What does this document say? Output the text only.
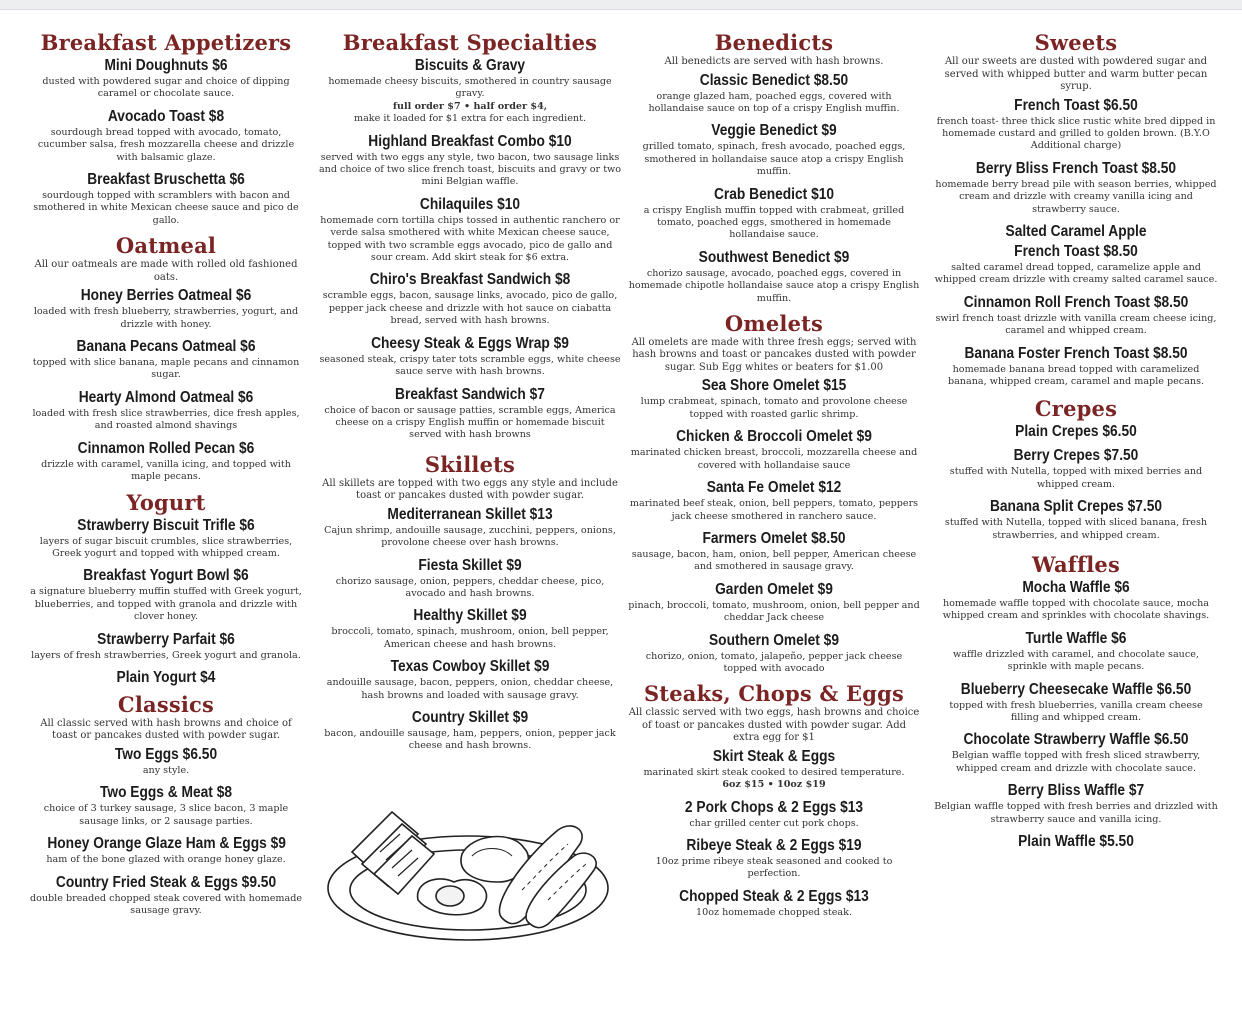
Breakfast Appetizers
Mini Doughnuts $6

dusted with powdered sugar and choice of dipping caramel or chocolate sauce.

Avocado Toast $8

sourdough bread topped with avocado, tomato, cucumber salsa, fresh mozzarella cheese and drizzle with balsamic glaze.

Breakfast Bruschetta $6

sourdough topped with scramblers with bacon and smothered in white Mexican cheese sauce and pico de gallo.

Oatmeal

All our oatmeals are made with rolled old fashioned oats.

Honey Berries Oatmeal $6

loaded with fresh blueberry, strawberries, yogurt, and drizzle with honey.

Banana Pecans Oatmeal $6

topped with slice banana, maple pecans and cinnamon sugar.

Hearty Almond Oatmeal $6

loaded with fresh slice strawberries, dice fresh apples, and roasted almond shavings

Cinnamon Rolled Pecan $6

drizzle with caramel, vanilla icing, and topped with maple pecans.

Yogurt
Strawberry Biscuit Trifle $6

layers of sugar biscuit crumbles, slice strawberries, Greek yogurt and topped with whipped cream.

Breakfast Yogurt Bowl $6

a signature blueberry muffin stuffed with Greek yogurt, blueberries, and topped with granola and drizzle with clover honey.

Strawberry Parfait $6

layers of fresh strawberries, Greek yogurt and granola.

Plain Yogurt $4
Classics

All classic served with hash browns and choice of toast or pancakes dusted with powder sugar.

Two Eggs $6.50

any style.

Two Eggs & Meat $8

choice of 3 turkey sausage, 3 slice bacon, 3 maple sausage links, or 2 sausage parties.

Honey Orange Glaze Ham & Eggs $9

ham of the bone glazed with orange honey glaze.

Country Fried Steak & Eggs $9.50

double breaded chopped steak covered with homemade sausage gravy.

Breakfast Specialties
Biscuits & Gravy

homemade cheesy biscuits, smothered in country sausage gravy.

full order $7 • half order $4,

make it loaded for $1 extra for each ingredient.

Highland Breakfast Combo $10

served with two eggs any style, two bacon, two sausage links and choice of two slice french toast, biscuits and gravy or two mini Belgian waffle.

Chilaquiles $10

homemade corn tortilla chips tossed in authentic ranchero or verde salsa smothered with white Mexican cheese sauce, topped with two scramble eggs avocado, pico de gallo and sour cream. Add skirt steak for $6 extra.

Chiro's Breakfast Sandwich $8

scramble eggs, bacon, sausage links, avocado, pico de gallo, pepper jack cheese and drizzle with hot sauce on ciabatta bread, served with hash browns.

Cheesy Steak & Eggs Wrap $9

seasoned steak, crispy tater tots scramble eggs, white cheese sauce serve with hash browns.

Breakfast Sandwich $7

choice of bacon or sausage patties, scramble eggs, America cheese on a crispy English muffin or homemade biscuit served with hash browns

Skillets

All skillets are topped with two eggs any style and include toast or pancakes dusted with powder sugar.

Mediterranean Skillet $13

Cajun shrimp, andouille sausage, zucchini, peppers, onions, provolone cheese over hash browns.

Fiesta Skillet $9

chorizo sausage, onion, peppers, cheddar cheese, pico, avocado and hash browns.

Healthy Skillet $9

broccoli, tomato, spinach, mushroom, onion, bell pepper, American cheese and hash browns.

Texas Cowboy Skillet $9

andouille sausage, bacon, peppers, onion, cheddar cheese, hash browns and loaded with sausage gravy.

Country Skillet $9

bacon, andouille sausage, ham, peppers, onion, pepper jack cheese and hash browns.

Benedicts

All benedicts are served with hash browns.

Classic Benedict $8.50

orange glazed ham, poached eggs, covered with hollandaise sauce on top of a crispy English muffin.

Veggie Benedict $9

grilled tomato, spinach, fresh avocado, poached eggs, smothered in hollandaise sauce atop a crispy English muffin.

Crab Benedict $10

a crispy English muffin topped with crabmeat, grilled tomato, poached eggs, smothered in homemade hollandaise sauce.

Southwest Benedict $9

chorizo sausage, avocado, poached eggs, covered in homemade chipotle hollandaise sauce atop a crispy English muffin.

Omelets

All omelets are made with three fresh eggs; served with hash browns and toast or pancakes dusted with powder sugar. Sub Egg whites or beaters for $1.00

Sea Shore Omelet $15

lump crabmeat, spinach, tomato and provolone cheese topped with roasted garlic shrimp.

Chicken & Broccoli Omelet $9

marinated chicken breast, broccoli, mozzarella cheese and covered with hollandaise sauce

Santa Fe Omelet $12

marinated beef steak, onion, bell peppers, tomato, peppers jack cheese smothered in ranchero sauce.

Farmers Omelet $8.50

sausage, bacon, ham, onion, bell pepper, American cheese and smothered in sausage gravy.

Garden Omelet $9

pinach, broccoli, tomato, mushroom, onion, bell pepper and cheddar Jack cheese

Southern Omelet $9

chorizo, onion, tomato, jalapeño, pepper jack cheese topped with avocado

Steaks, Chops & Eggs

All classic served with two eggs, hash browns and choice of toast or pancakes dusted with powder sugar. Add extra egg for $1

Skirt Steak & Eggs

marinated skirt steak cooked to desired temperature.

6oz $15 • 10oz $19

2 Pork Chops & 2 Eggs $13

char grilled center cut pork chops.

Ribeye Steak & 2 Eggs $19

10oz prime ribeye steak seasoned and cooked to perfection.

Chopped Steak & 2 Eggs $13

10oz homemade chopped steak.

Sweets

All our sweets are dusted with powdered sugar and served with whipped butter and warm butter pecan syrup.

French Toast $6.50

french toast- three thick slice rustic white bred dipped in homemade custard and grilled to golden brown. (B.Y.O Additional charge)

Berry Bliss French Toast $8.50

homemade berry bread pile with season berries, whipped cream and drizzle with creamy vanilla icing and strawberry sauce.

Salted Caramel Apple French Toast $8.50

salted caramel dread topped, caramelize apple and whipped cream drizzle with creamy salted caramel sauce.

Cinnamon Roll French Toast $8.50

swirl french toast drizzle with vanilla cream cheese icing, caramel and whipped cream.

Banana Foster French Toast $8.50

homemade banana bread topped with caramelized banana, whipped cream, caramel and maple pecans.

Crepes
Plain Crepes $6.50
Berry Crepes $7.50

stuffed with Nutella, topped with mixed berries and whipped cream.

Banana Split Crepes $7.50

stuffed with Nutella, topped with sliced banana, fresh strawberries, and whipped cream.

Waffles
Mocha Waffle $6

homemade waffle topped with chocolate sauce, mocha whipped cream and sprinkles with chocolate shavings.

Turtle Waffle $6

waffle drizzled with caramel, and chocolate sauce, sprinkle with maple pecans.

Blueberry Cheesecake Waffle $6.50

topped with fresh blueberries, vanilla cream cheese filling and whipped cream.

Chocolate Strawberry Waffle $6.50

Belgian waffle topped with fresh sliced strawberry, whipped cream and drizzle with chocolate sauce.

Berry Bliss Waffle $7

Belgian waffle topped with fresh berries and drizzled with strawberry sauce and vanilla icing.

Plain Waffle $5.50
